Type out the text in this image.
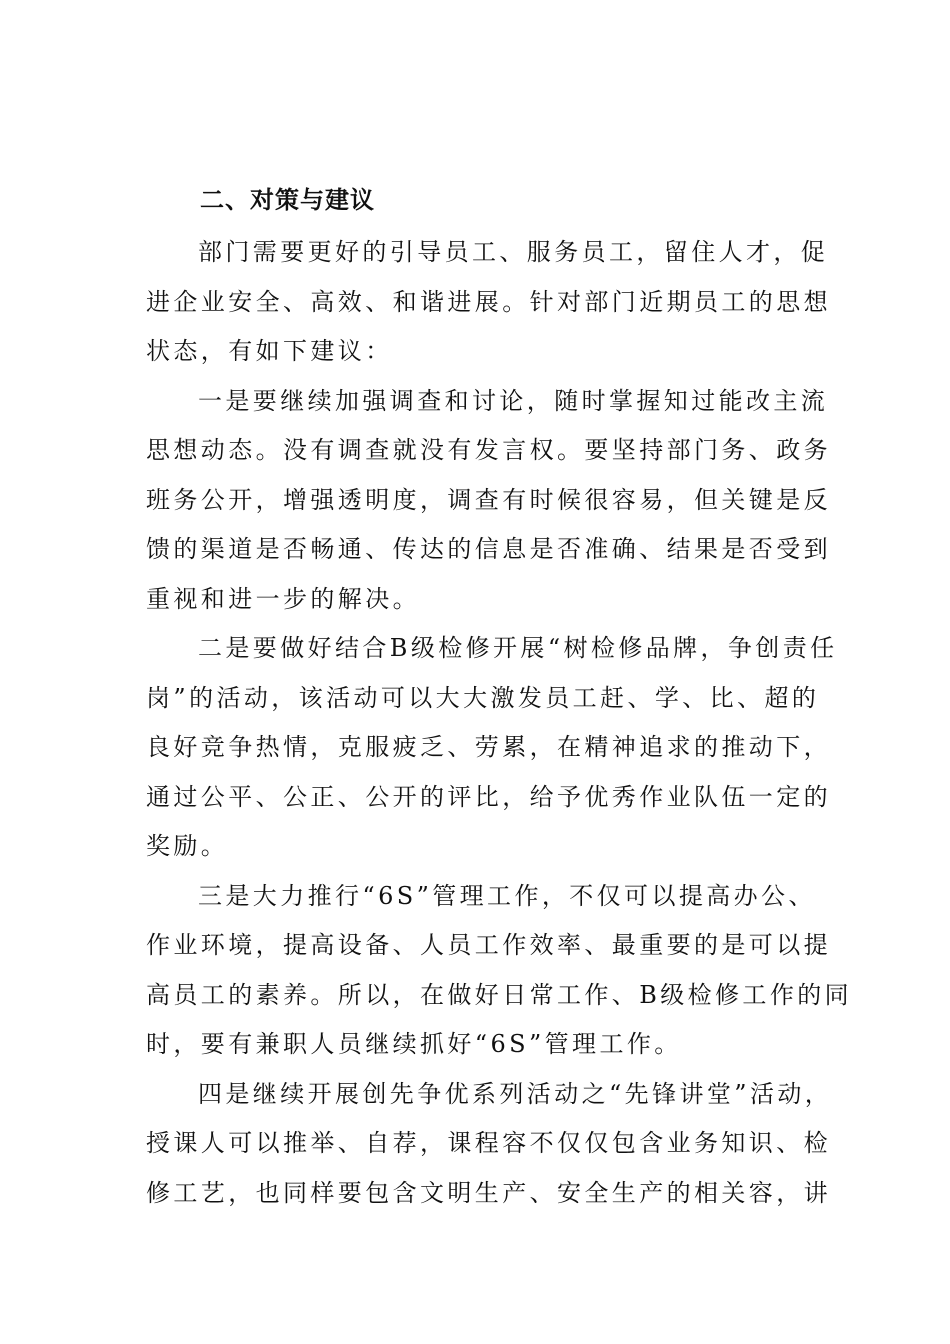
二、对策与建议
部门需要更好的引导员工、服务员工，留住人才，促
进企业安全、高效、和谐进展。针对部门近期员工的思想
状态，有如下建议：
一是要继续加强调查和讨论，随时掌握知过能改主流
思想动态。没有调查就没有发言权。要坚持部门务、政务
班务公开，增强透明度，调查有时候很容易，但关键是反
馈的渠道是否畅通、传达的信息是否准确、结果是否受到
重视和进一步的解决。
二是要做好结合B级检修开展“树检修品牌，争创责任
岗”的活动，该活动可以大大激发员工赶、学、比、超的
良好竞争热情，克服疲乏、劳累，在精神追求的推动下，
通过公平、公正、公开的评比，给予优秀作业队伍一定的
奖励。
三是大力推行“6S”管理工作，不仅可以提高办公、
作业环境，提高设备、人员工作效率、最重要的是可以提
高员工的素养。所以，在做好日常工作、B级检修工作的同
时，要有兼职人员继续抓好“6S”管理工作。
四是继续开展创先争优系列活动之“先锋讲堂”活动，
授课人可以推举、自荐，课程容不仅仅包含业务知识、检
修工艺，也同样要包含文明生产、安全生产的相关容，讲
